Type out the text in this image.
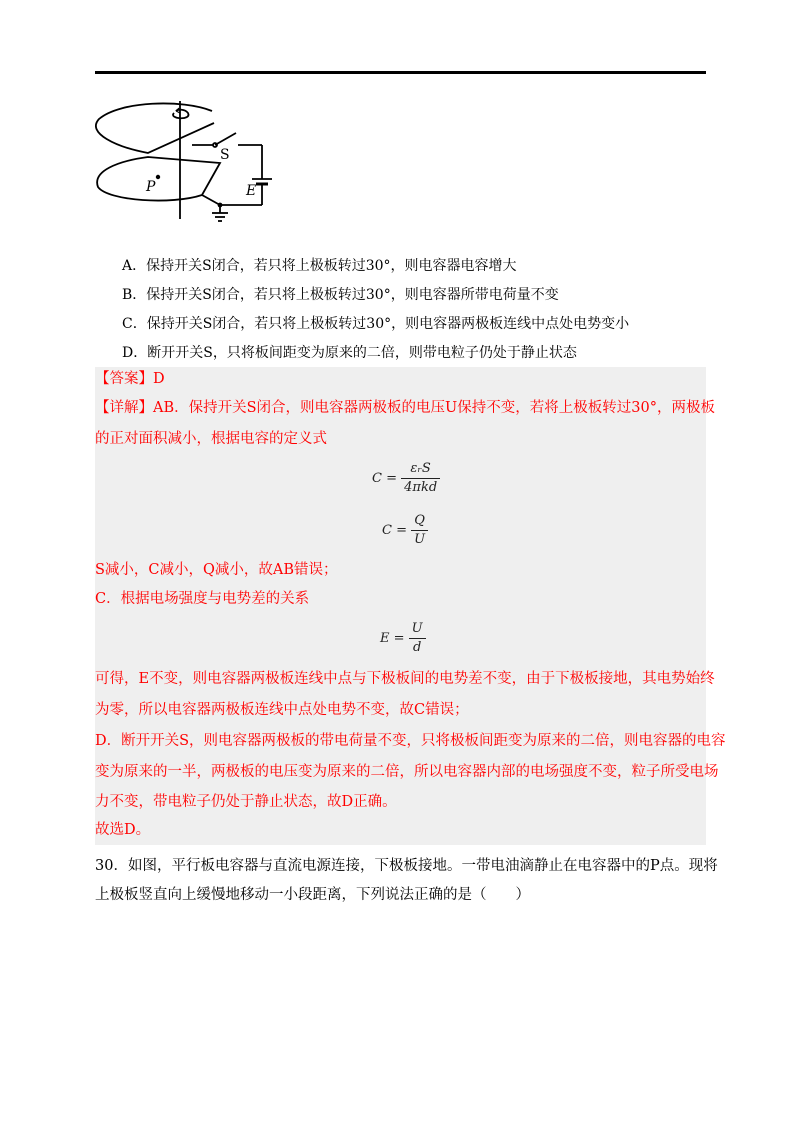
S
P	E
A．保持开关S闭合，若只将上极板转过30°，则电容器电容增大
B．保持开关S闭合，若只将上极板转过30°，则电容器所带电荷量不变
C．保持开关S闭合，若只将上极板转过30°，则电容器两极板连线中点处电势变小
D．断开开关S，只将板间距变为原来的二倍，则带电粒子仍处于静止状态
【答案】D
【详解】AB．保持开关S闭合，则电容器两极板的电压U保持不变，若将上极板转过30°，两极板
的正对面积减小，根据电容的定义式
$C = \frac{\text{εᵣS}}{\text{4πkd}}$
$C = \frac{Q}{U}$
S减小，C减小，Q减小，故AB错误；
C．根据电场强度与电势差的关系
$E = \frac{U}{d}$
可得，E不变，则电容器两极板连线中点与下极板间的电势差不变，由于下极板接地，其电势始终
为零，所以电容器两极板连线中点处电势不变，故C错误；
D．断开开关S，则电容器两极板的带电荷量不变，只将极板间距变为原来的二倍，则电容器的电容
变为原来的一半，两极板的电压变为原来的二倍，所以电容器内部的电场强度不变，粒子所受电场
力不变，带电粒子仍处于静止状态，故D正确。
故选D。
30．如图，平行板电容器与直流电源连接，下极板接地。一带电油滴静止在电容器中的P点。现将
上极板竖直向上缓慢地移动一小段距离，下列说法正确的是（　　）
